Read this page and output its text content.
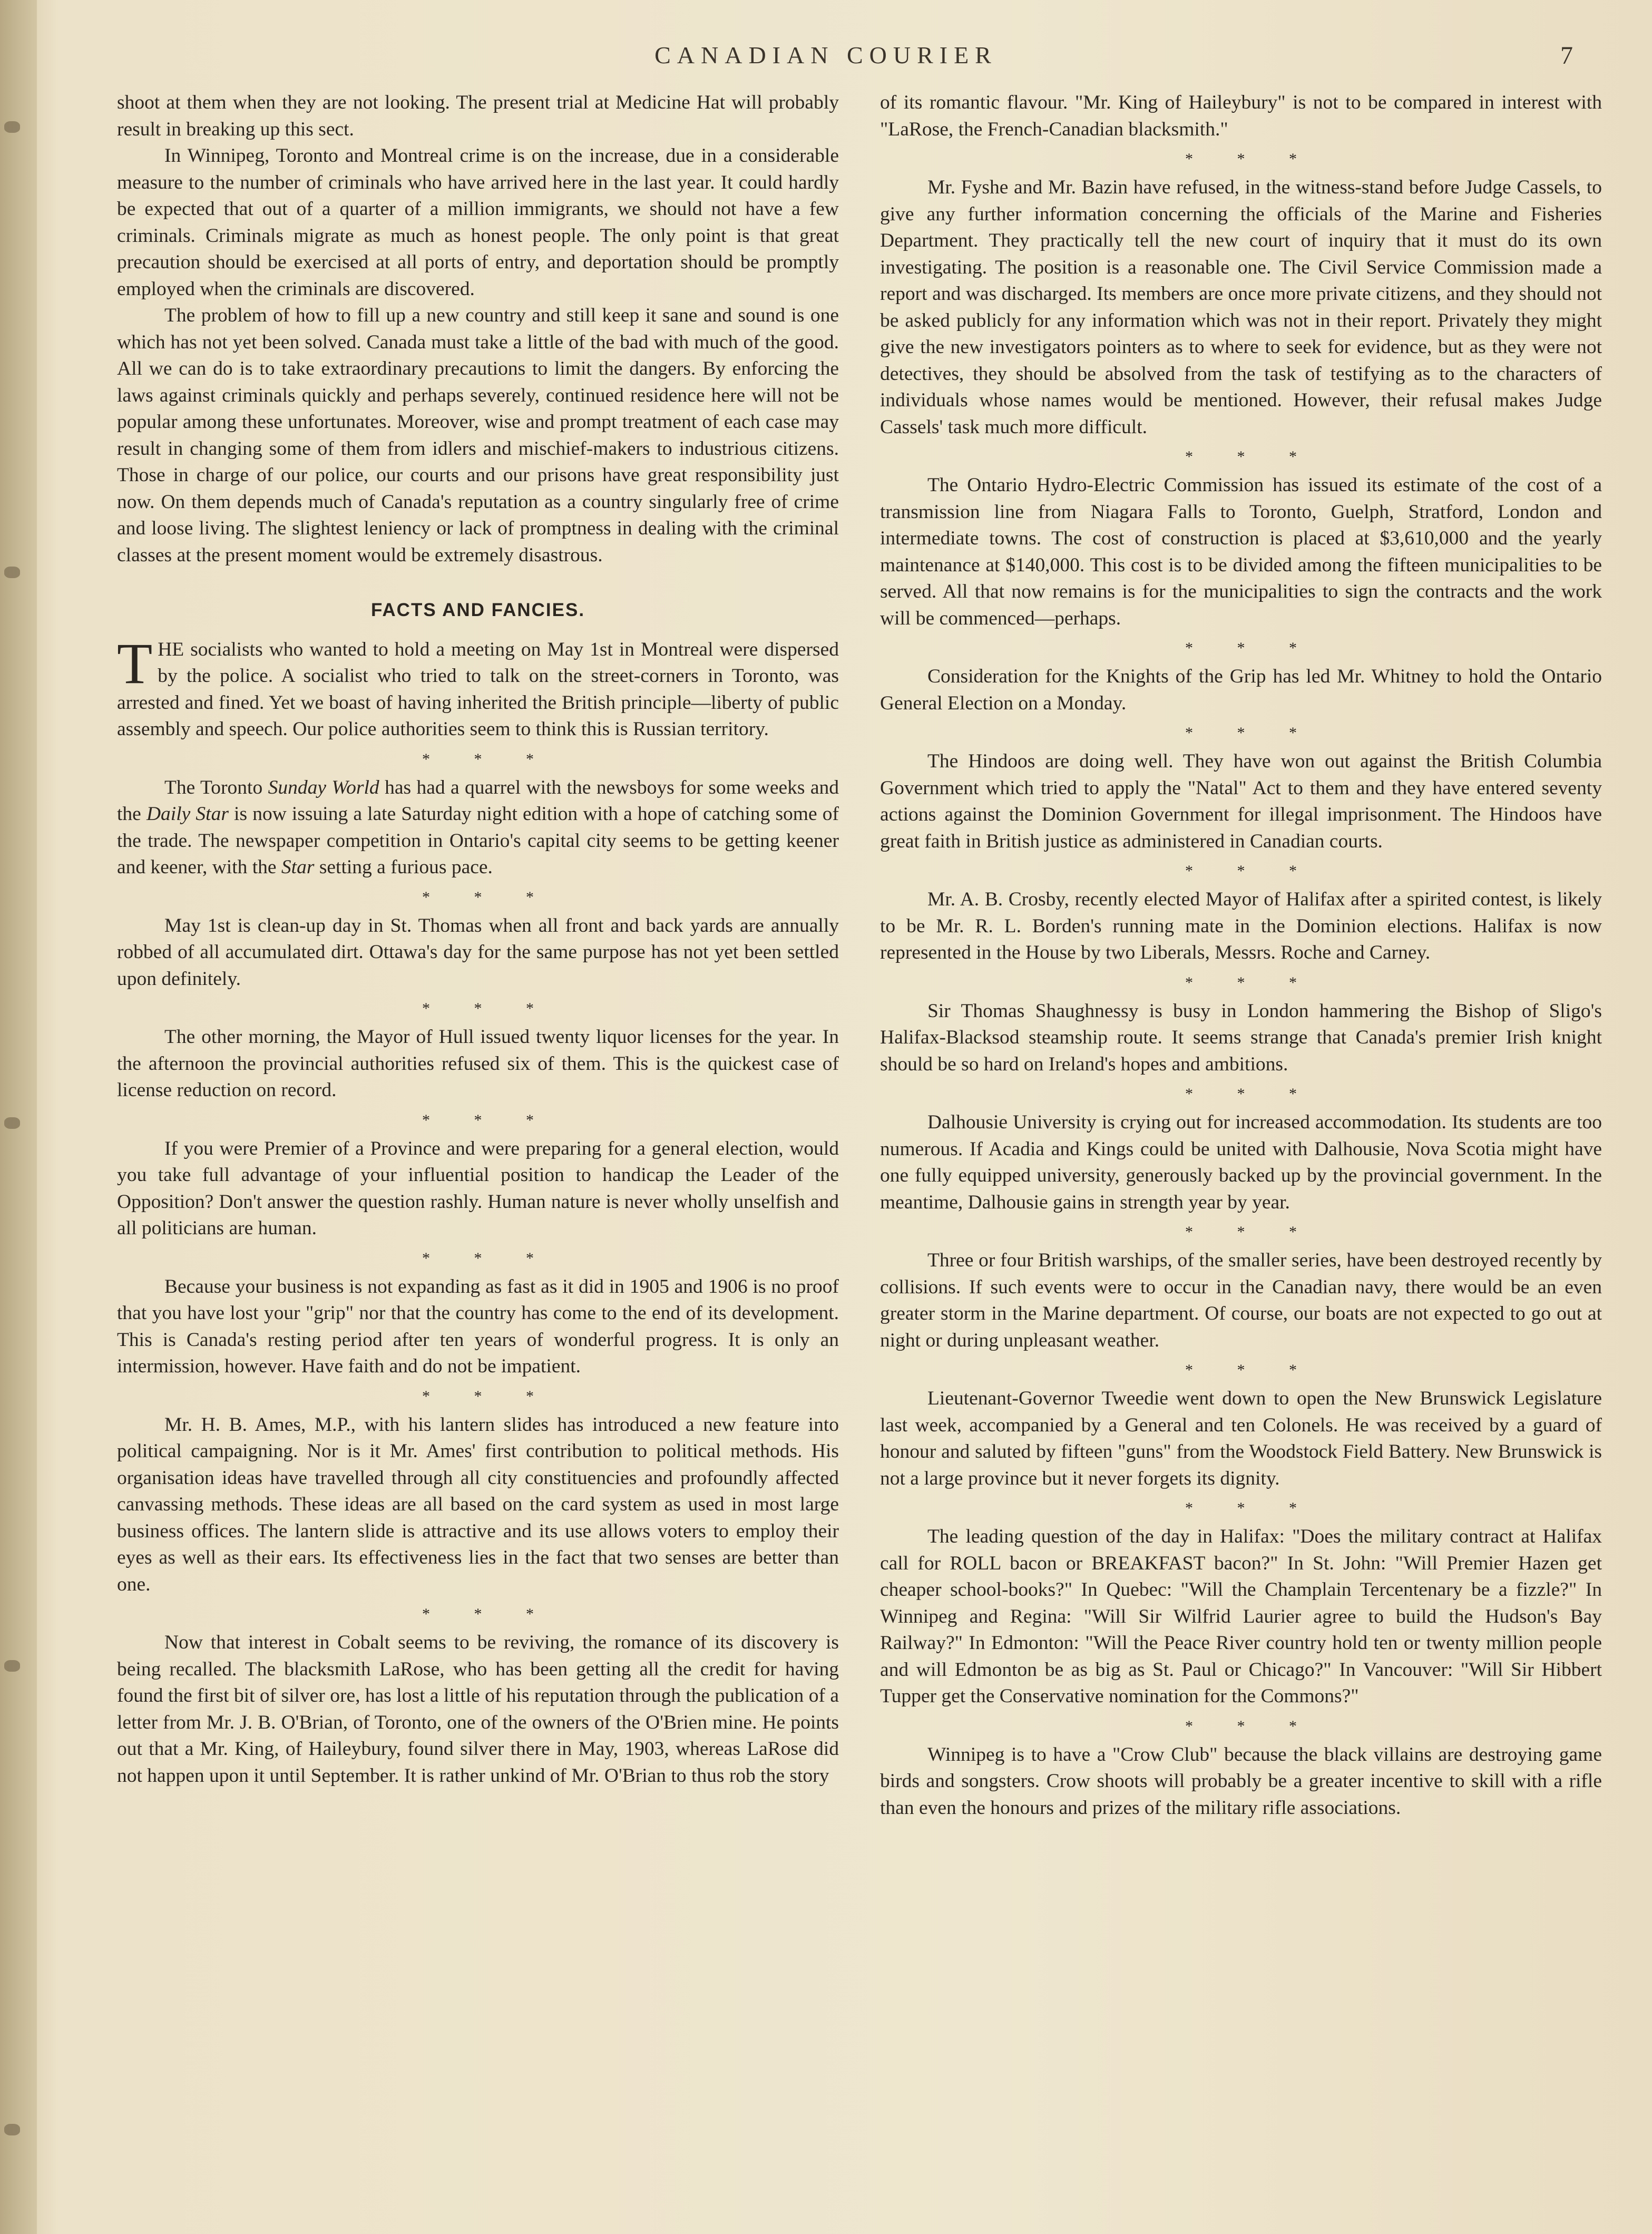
CANADIAN COURIER	7

shoot at them when they are not looking. The present trial at Medicine Hat will probably result in breaking up this sect.

In Winnipeg, Toronto and Montreal crime is on the increase, due in a considerable measure to the number of criminals who have arrived here in the last year. It could hardly be expected that out of a quarter of a million immigrants, we should not have a few criminals. Criminals migrate as much as honest people. The only point is that great precaution should be exercised at all ports of entry, and deportation should be promptly employed when the criminals are discovered.

The problem of how to fill up a new country and still keep it sane and sound is one which has not yet been solved. Canada must take a little of the bad with much of the good. All we can do is to take extraordinary precautions to limit the dangers. By enforcing the laws against criminals quickly and perhaps severely, continued residence here will not be popular among these unfortunates. Moreover, wise and prompt treatment of each case may result in changing some of them from idlers and mischief-makers to industrious citizens. Those in charge of our police, our courts and our prisons have great responsibility just now. On them depends much of Canada's reputation as a country singularly free of crime and loose living. The slightest leniency or lack of promptness in dealing with the criminal classes at the present moment would be extremely disastrous.

FACTS AND FANCIES.

THE socialists who wanted to hold a meeting on May 1st in Montreal were dispersed by the police. A socialist who tried to talk on the street-corners in Toronto, was arrested and fined. Yet we boast of having inherited the British principle—liberty of public assembly and speech. Our police authorities seem to think this is Russian territory.

* * *

The Toronto Sunday World has had a quarrel with the newsboys for some weeks and the Daily Star is now issuing a late Saturday night edition with a hope of catching some of the trade. The newspaper competition in Ontario's capital city seems to be getting keener and keener, with the Star setting a furious pace.

* * *

May 1st is clean-up day in St. Thomas when all front and back yards are annually robbed of all accumulated dirt. Ottawa's day for the same purpose has not yet been settled upon definitely.

* * *

The other morning, the Mayor of Hull issued twenty liquor licenses for the year. In the afternoon the provincial authorities refused six of them. This is the quickest case of license reduction on record.

* * *

If you were Premier of a Province and were preparing for a general election, would you take full advantage of your influential position to handicap the Leader of the Opposition? Don't answer the question rashly. Human nature is never wholly unselfish and all politicians are human.

* * *

Because your business is not expanding as fast as it did in 1905 and 1906 is no proof that you have lost your "grip" nor that the country has come to the end of its development. This is Canada's resting period after ten years of wonderful progress. It is only an intermission, however. Have faith and do not be impatient.

* * *

Mr. H. B. Ames, M.P., with his lantern slides has introduced a new feature into political campaigning. Nor is it Mr. Ames' first contribution to political methods. His organisation ideas have travelled through all city constituencies and profoundly affected canvassing methods. These ideas are all based on the card system as used in most large business offices. The lantern slide is attractive and its use allows voters to employ their eyes as well as their ears. Its effectiveness lies in the fact that two senses are better than one.

* * *

Now that interest in Cobalt seems to be reviving, the romance of its discovery is being recalled. The blacksmith LaRose, who has been getting all the credit for having found the first bit of silver ore, has lost a little of his reputation through the publication of a letter from Mr. J. B. O'Brian, of Toronto, one of the owners of the O'Brien mine. He points out that a Mr. King, of Haileybury, found silver there in May, 1903, whereas LaRose did not happen upon it until September. It is rather unkind of Mr. O'Brian to thus rob the story

of its romantic flavour. "Mr. King of Haileybury" is not to be compared in interest with "LaRose, the French-Canadian blacksmith."

* * *

Mr. Fyshe and Mr. Bazin have refused, in the witness-stand before Judge Cassels, to give any further information concerning the officials of the Marine and Fisheries Department. They practically tell the new court of inquiry that it must do its own investigating. The position is a reasonable one. The Civil Service Commission made a report and was discharged. Its members are once more private citizens, and they should not be asked publicly for any information which was not in their report. Privately they might give the new investigators pointers as to where to seek for evidence, but as they were not detectives, they should be absolved from the task of testifying as to the characters of individuals whose names would be mentioned. However, their refusal makes Judge Cassels' task much more difficult.

* * *

The Ontario Hydro-Electric Commission has issued its estimate of the cost of a transmission line from Niagara Falls to Toronto, Guelph, Stratford, London and intermediate towns. The cost of construction is placed at $3,610,000 and the yearly maintenance at $140,000. This cost is to be divided among the fifteen municipalities to be served. All that now remains is for the municipalities to sign the contracts and the work will be commenced—perhaps.

* * *

Consideration for the Knights of the Grip has led Mr. Whitney to hold the Ontario General Election on a Monday.

* * *

The Hindoos are doing well. They have won out against the British Columbia Government which tried to apply the "Natal" Act to them and they have entered seventy actions against the Dominion Government for illegal imprisonment. The Hindoos have great faith in British justice as administered in Canadian courts.

* * *

Mr. A. B. Crosby, recently elected Mayor of Halifax after a spirited contest, is likely to be Mr. R. L. Borden's running mate in the Dominion elections. Halifax is now represented in the House by two Liberals, Messrs. Roche and Carney.

* * *

Sir Thomas Shaughnessy is busy in London hammering the Bishop of Sligo's Halifax-Blacksod steamship route. It seems strange that Canada's premier Irish knight should be so hard on Ireland's hopes and ambitions.

* * *

Dalhousie University is crying out for increased accommodation. Its students are too numerous. If Acadia and Kings could be united with Dalhousie, Nova Scotia might have one fully equipped university, generously backed up by the provincial government. In the meantime, Dalhousie gains in strength year by year.

* * *

Three or four British warships, of the smaller series, have been destroyed recently by collisions. If such events were to occur in the Canadian navy, there would be an even greater storm in the Marine department. Of course, our boats are not expected to go out at night or during unpleasant weather.

* * *

Lieutenant-Governor Tweedie went down to open the New Brunswick Legislature last week, accompanied by a General and ten Colonels. He was received by a guard of honour and saluted by fifteen "guns" from the Woodstock Field Battery. New Brunswick is not a large province but it never forgets its dignity.

* * *

The leading question of the day in Halifax: "Does the military contract at Halifax call for ROLL bacon or BREAKFAST bacon?" In St. John: "Will Premier Hazen get cheaper school-books?" In Quebec: "Will the Champlain Tercentenary be a fizzle?" In Winnipeg and Regina: "Will Sir Wilfrid Laurier agree to build the Hudson's Bay Railway?" In Edmonton: "Will the Peace River country hold ten or twenty million people and will Edmonton be as big as St. Paul or Chicago?" In Vancouver: "Will Sir Hibbert Tupper get the Conservative nomination for the Commons?"

* * *

Winnipeg is to have a "Crow Club" because the black villains are destroying game birds and songsters. Crow shoots will probably be a greater incentive to skill with a rifle than even the honours and prizes of the military rifle associations.
